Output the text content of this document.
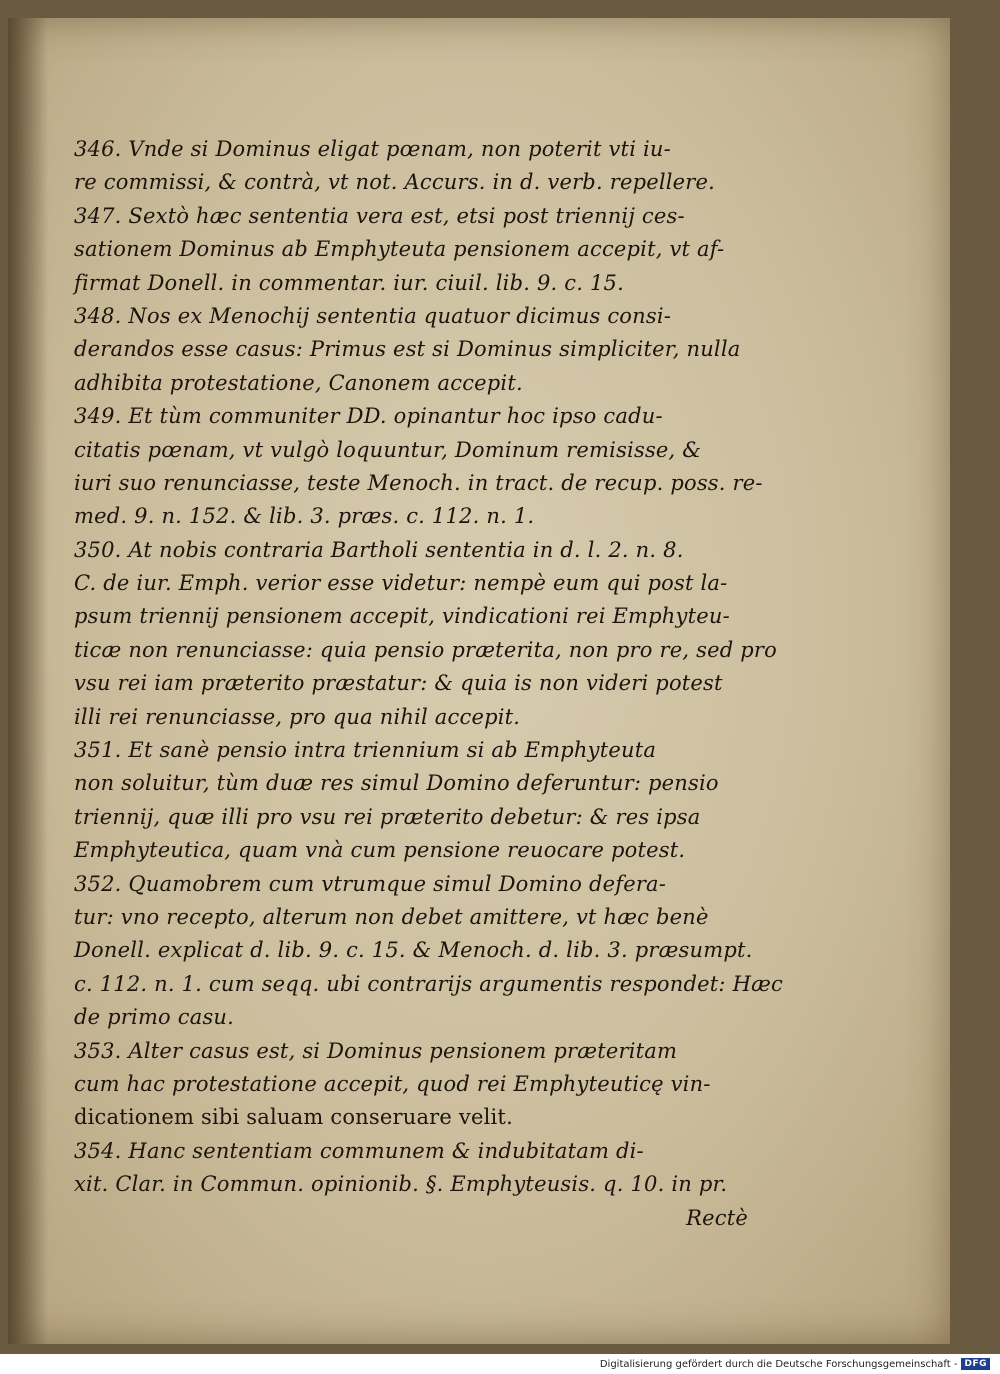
346. Vnde si Dominus eligat pœnam, non poterit vti iu-
re commissi, & contrà, vt not. Accurs. in d. verb. repellere.
347. Sextò hæc sententia vera est, etsi post triennij ces-
sationem Dominus ab Emphyteuta pensionem accepit, vt af-
firmat Donell. in commentar. iur. ciuil. lib. 9. c. 15.
348. Nos ex Menochij sententia quatuor dicimus consi-
derandos esse casus: Primus est si Dominus simpliciter, nulla
adhibita protestatione, Canonem accepit.
349. Et tùm communiter DD. opinantur hoc ipso cadu-
citatis pœnam, vt vulgò loquuntur, Dominum remisisse, &
iuri suo renunciasse, teste Menoch. in tract. de recup. poss. re-
med. 9. n. 152. & lib. 3. præs. c. 112. n. 1.
350. At nobis contraria Bartholi sententia in d. l. 2. n. 8.
C. de iur. Emph. verior esse videtur: nempè eum qui post la-
psum triennij pensionem accepit, vindicationi rei Emphyteu-
ticæ non renunciasse: quia pensio præterita, non pro re, sed pro
vsu rei iam præterito præstatur: & quia is non videri potest
illi rei renunciasse, pro qua nihil accepit.
351. Et sanè pensio intra triennium si ab Emphyteuta
non soluitur, tùm duæ res simul Domino deferuntur: pensio
triennij, quæ illi pro vsu rei præterito debetur: & res ipsa
Emphyteutica, quam vnà cum pensione reuocare potest.
352. Quamobrem cum vtrumque simul Domino defera-
tur: vno recepto, alterum non debet amittere, vt hæc benè
Donell. explicat d. lib. 9. c. 15. & Menoch. d. lib. 3. præsumpt.
c. 112. n. 1. cum seqq. ubi contrarijs argumentis respondet: Hæc
de primo casu.
353. Alter casus est, si Dominus pensionem præteritam
cum hac protestatione accepit, quod rei Emphyteuticę vin-
dicationem sibi saluam conseruare velit.
354. Hanc sententiam communem & indubitatam di-
xit. Clar. in Commun. opinionib. §. Emphyteusis. q. 10. in pr.
Rectè
Digitalisierung gefördert durch die Deutsche Forschungsgemeinschaft - DFG
